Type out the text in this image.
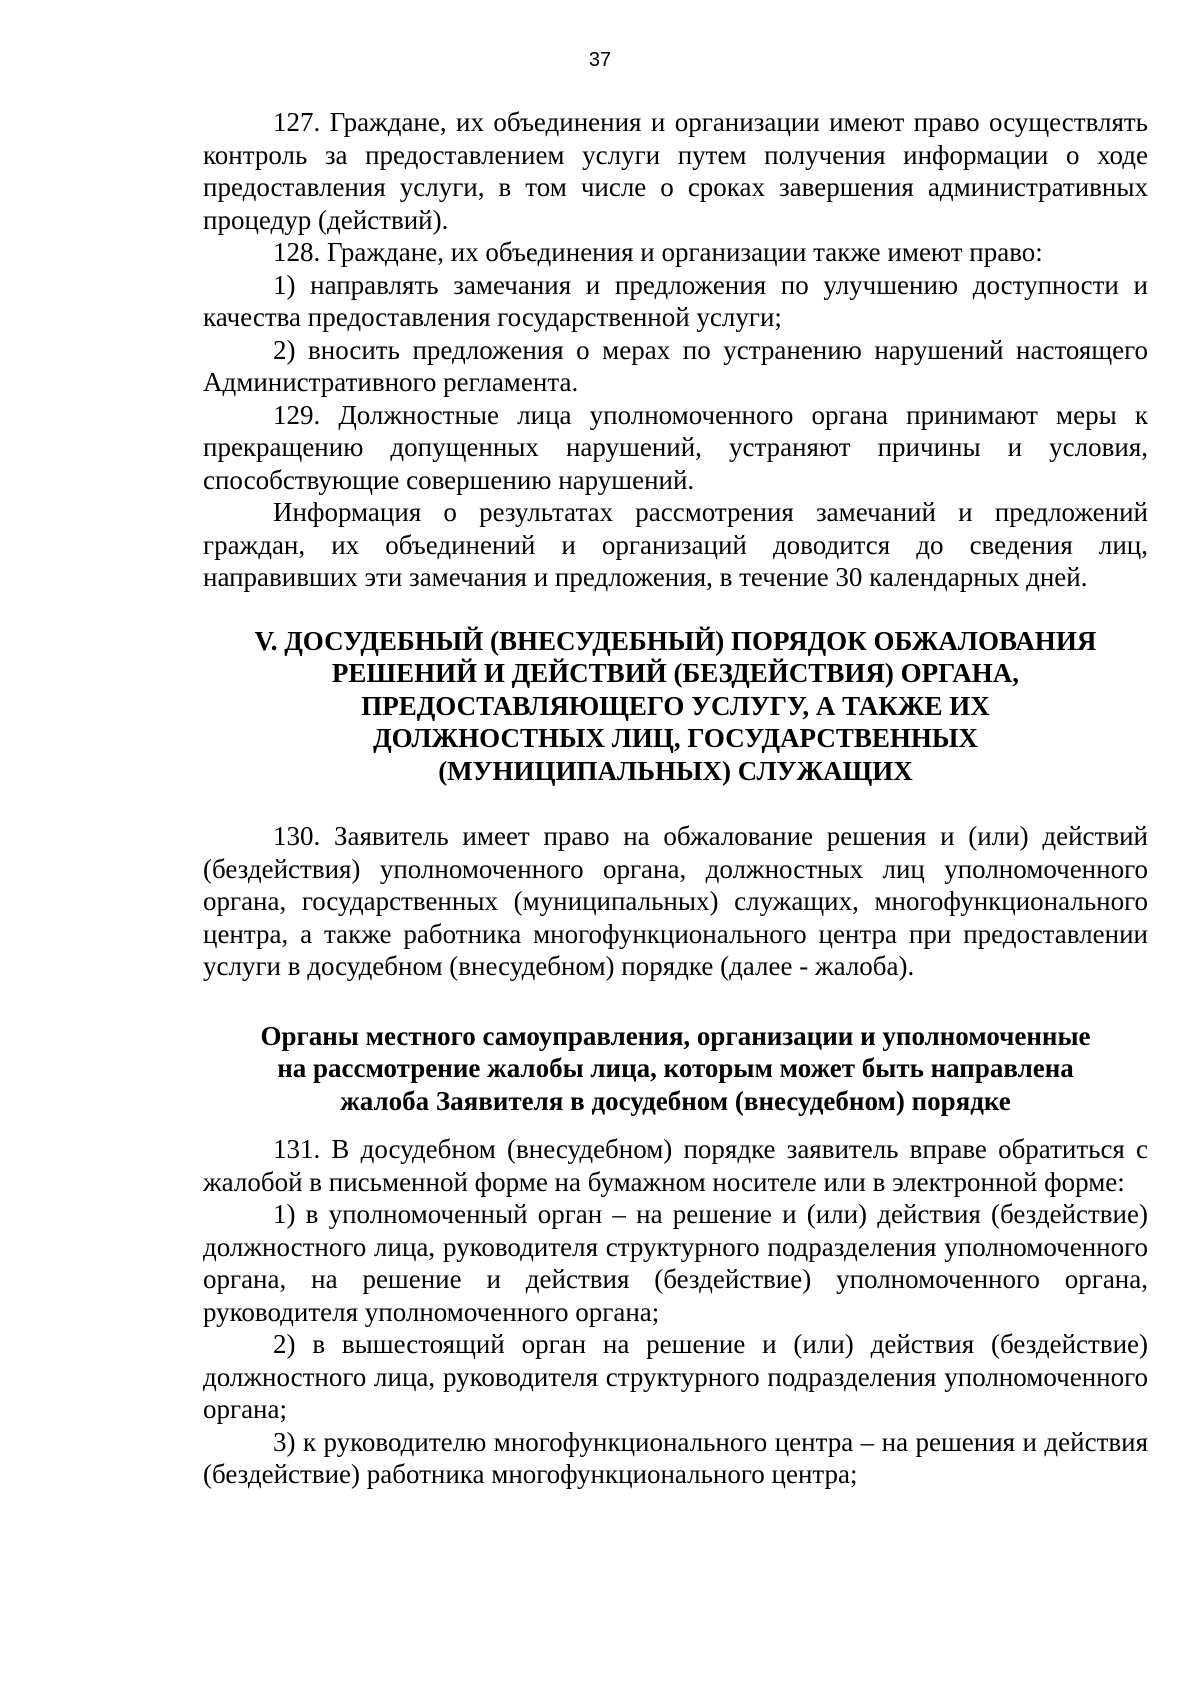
37

127. Граждане, их объединения и организации имеют право осуществлять контроль за предоставлением услуги путем получения информации о ходе предоставления услуги, в том числе о сроках завершения административных процедур (действий).

128. Граждане, их объединения и организации также имеют право:

1) направлять замечания и предложения по улучшению доступности и качества предоставления государственной услуги;

2) вносить предложения о мерах по устранению нарушений настоящего Административного регламента.

129. Должностные лица уполномоченного органа принимают меры к прекращению допущенных нарушений, устраняют причины и условия, способствующие совершению нарушений.

Информация о результатах рассмотрения замечаний и предложений граждан, их объединений и организаций доводится до сведения лиц, направивших эти замечания и предложения, в течение 30 календарных дней.

V. ДОСУДЕБНЫЙ (ВНЕСУДЕБНЫЙ) ПОРЯДОК ОБЖАЛОВАНИЯ
РЕШЕНИЙ И ДЕЙСТВИЙ (БЕЗДЕЙСТВИЯ) ОРГАНА,
ПРЕДОСТАВЛЯЮЩЕГО УСЛУГУ, А ТАКЖЕ ИХ
ДОЛЖНОСТНЫХ ЛИЦ, ГОСУДАРСТВЕННЫХ
(МУНИЦИПАЛЬНЫХ) СЛУЖАЩИХ

130. Заявитель имеет право на обжалование решения и (или) действий (бездействия) уполномоченного органа, должностных лиц уполномоченного органа, государственных (муниципальных) служащих, многофункционального центра, а также работника многофункционального центра при предоставлении услуги в досудебном (внесудебном) порядке (далее - жалоба).

Органы местного самоуправления, организации и уполномоченные
на рассмотрение жалобы лица, которым может быть направлена
жалоба Заявителя в досудебном (внесудебном) порядке

131. В досудебном (внесудебном) порядке заявитель вправе обратиться с жалобой в письменной форме на бумажном носителе или в электронной форме:

1) в уполномоченный орган – на решение и (или) действия (бездействие) должностного лица, руководителя структурного подразделения уполномоченного органа, на решение и действия (бездействие) уполномоченного органа, руководителя уполномоченного органа;

2) в вышестоящий орган на решение и (или) действия (бездействие) должностного лица, руководителя структурного подразделения уполномоченного органа;

3) к руководителю многофункционального центра – на решения и действия (бездействие) работника многофункционального центра;
